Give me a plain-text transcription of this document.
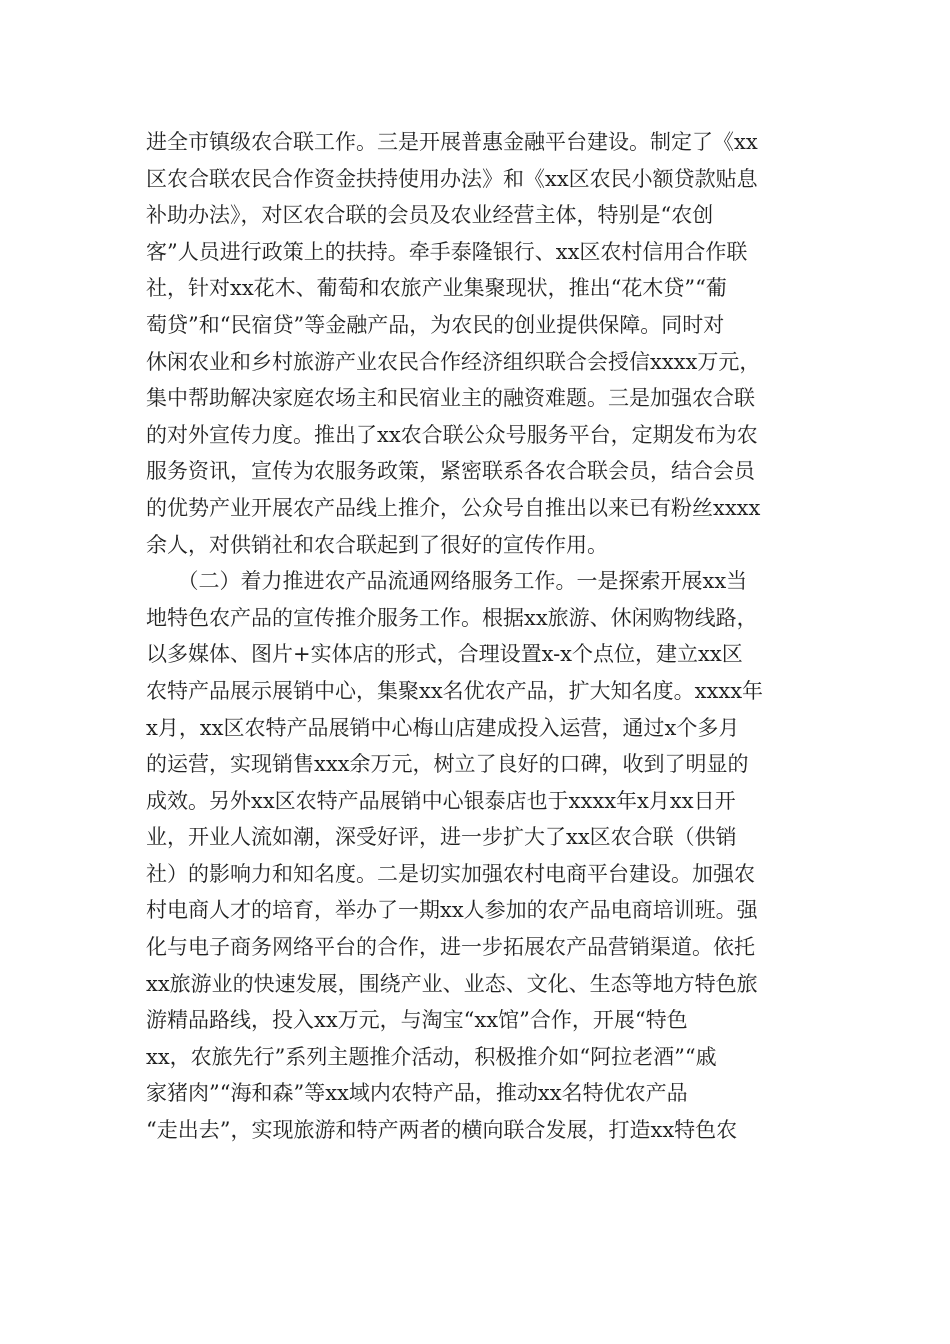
进全市镇级农合联工作。三是开展普惠金融平台建设。制定了《xx
区农合联农民合作资金扶持使用办法》和《xx区农民小额贷款贴息
补助办法》，对区农合联的会员及农业经营主体，特别是“农创
客”人员进行政策上的扶持。牵手泰隆银行、xx区农村信用合作联
社，针对xx花木、葡萄和农旅产业集聚现状，推出“花木贷”“葡
萄贷”和“民宿贷”等金融产品，为农民的创业提供保障。同时对
休闲农业和乡村旅游产业农民合作经济组织联合会授信xxxx万元，
集中帮助解决家庭农场主和民宿业主的融资难题。三是加强农合联
的对外宣传力度。推出了xx农合联公众号服务平台，定期发布为农
服务资讯，宣传为农服务政策，紧密联系各农合联会员，结合会员
的优势产业开展农产品线上推介，公众号自推出以来已有粉丝xxxx
余人，对供销社和农合联起到了很好的宣传作用。
　　（二）着力推进农产品流通网络服务工作。一是探索开展xx当
地特色农产品的宣传推介服务工作。根据xx旅游、休闲购物线路，
以多媒体、图片+实体店的形式，合理设置x-x个点位，建立xx区
农特产品展示展销中心，集聚xx名优农产品，扩大知名度。xxxx年
x月，xx区农特产品展销中心梅山店建成投入运营，通过x个多月
的运营，实现销售xxx余万元，树立了良好的口碑，收到了明显的
成效。另外xx区农特产品展销中心银泰店也于xxxx年x月xx日开
业，开业人流如潮，深受好评，进一步扩大了xx区农合联（供销
社）的影响力和知名度。二是切实加强农村电商平台建设。加强农
村电商人才的培育，举办了一期xx人参加的农产品电商培训班。强
化与电子商务网络平台的合作，进一步拓展农产品营销渠道。依托
xx旅游业的快速发展，围绕产业、业态、文化、生态等地方特色旅
游精品路线，投入xx万元，与淘宝“xx馆”合作，开展“特色
xx，农旅先行”系列主题推介活动，积极推介如“阿拉老酒”“戚
家猪肉”“海和森”等xx域内农特产品，推动xx名特优农产品
“走出去”，实现旅游和特产两者的横向联合发展，打造xx特色农
